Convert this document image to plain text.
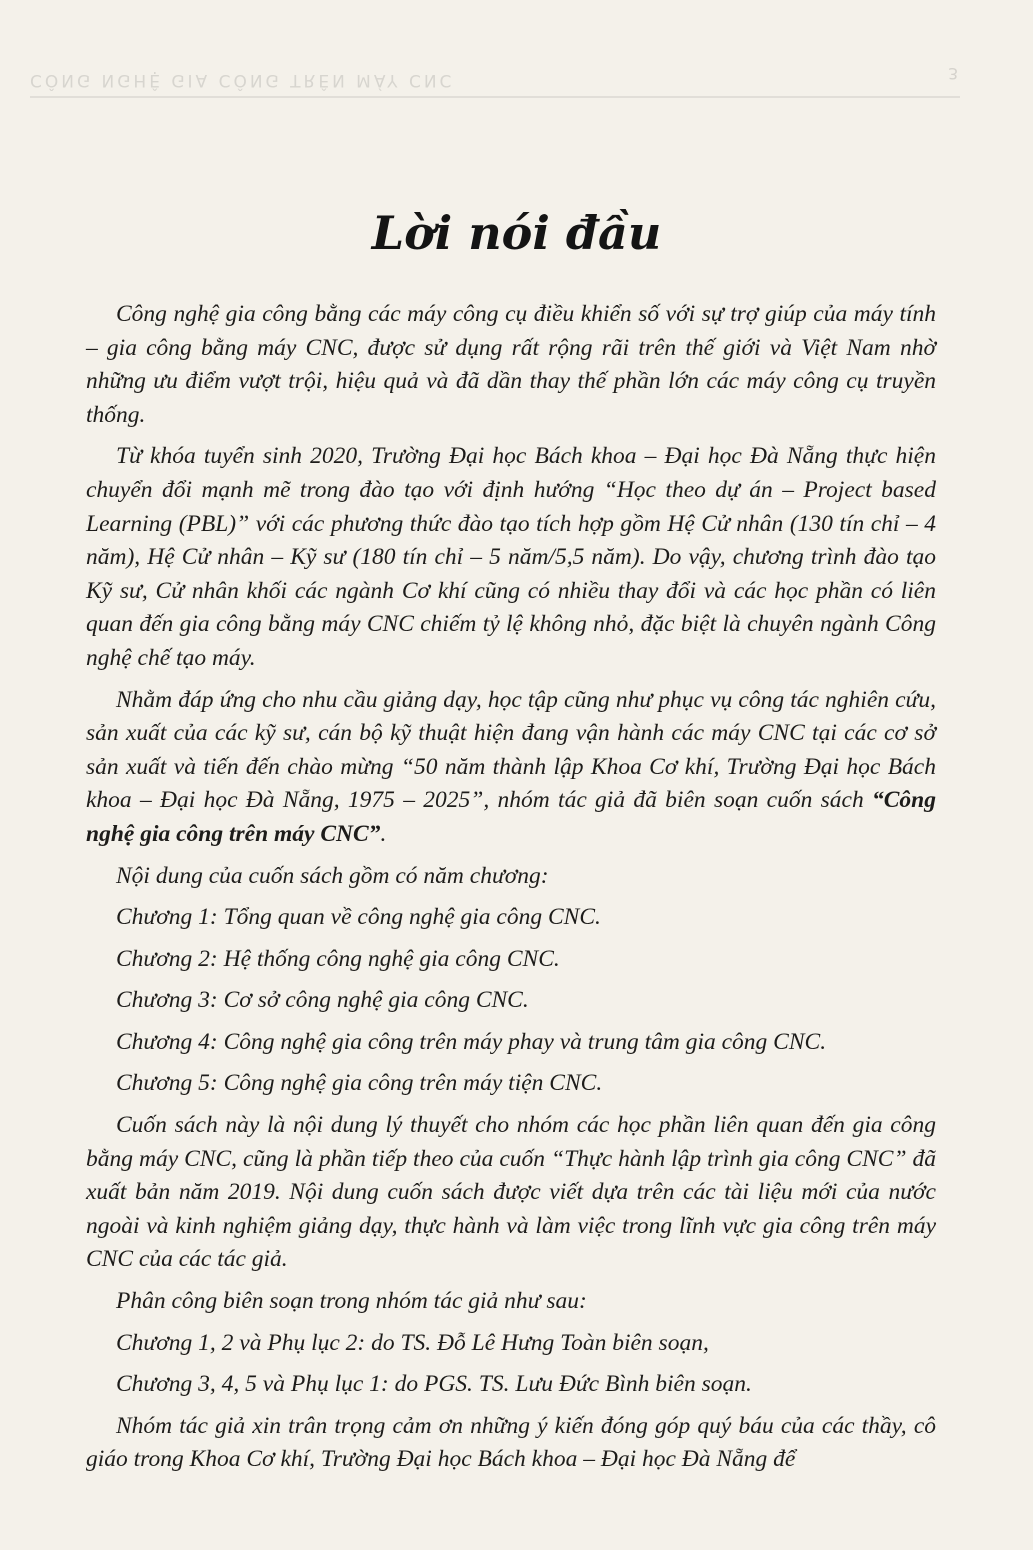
CÔNG NGHỆ GIA CÔNG TRÊN MÁY CNC	3
Lời nói đầu

Công nghệ gia công bằng các máy công cụ điều khiển số với sự trợ giúp của máy tính – gia công bằng máy CNC, được sử dụng rất rộng rãi trên thế giới và Việt Nam nhờ những ưu điểm vượt trội, hiệu quả và đã dần thay thế phần lớn các máy công cụ truyền thống.

Từ khóa tuyển sinh 2020, Trường Đại học Bách khoa – Đại học Đà Nẵng thực hiện chuyển đổi mạnh mẽ trong đào tạo với định hướng “Học theo dự án – Project based Learning (PBL)” với các phương thức đào tạo tích hợp gồm Hệ Cử nhân (130 tín chỉ – 4 năm), Hệ Cử nhân – Kỹ sư (180 tín chỉ – 5 năm/5,5 năm). Do vậy, chương trình đào tạo Kỹ sư, Cử nhân khối các ngành Cơ khí cũng có nhiều thay đổi và các học phần có liên quan đến gia công bằng máy CNC chiếm tỷ lệ không nhỏ, đặc biệt là chuyên ngành Công nghệ chế tạo máy.

Nhằm đáp ứng cho nhu cầu giảng dạy, học tập cũng như phục vụ công tác nghiên cứu, sản xuất của các kỹ sư, cán bộ kỹ thuật hiện đang vận hành các máy CNC tại các cơ sở sản xuất và tiến đến chào mừng “50 năm thành lập Khoa Cơ khí, Trường Đại học Bách khoa – Đại học Đà Nẵng, 1975 – 2025”, nhóm tác giả đã biên soạn cuốn sách “Công nghệ gia công trên máy CNC”.

Nội dung của cuốn sách gồm có năm chương:

Chương 1: Tổng quan về công nghệ gia công CNC.

Chương 2: Hệ thống công nghệ gia công CNC.

Chương 3: Cơ sở công nghệ gia công CNC.

Chương 4: Công nghệ gia công trên máy phay và trung tâm gia công CNC.

Chương 5: Công nghệ gia công trên máy tiện CNC.

Cuốn sách này là nội dung lý thuyết cho nhóm các học phần liên quan đến gia công bằng máy CNC, cũng là phần tiếp theo của cuốn “Thực hành lập trình gia công CNC” đã xuất bản năm 2019. Nội dung cuốn sách được viết dựa trên các tài liệu mới của nước ngoài và kinh nghiệm giảng dạy, thực hành và làm việc trong lĩnh vực gia công trên máy CNC của các tác giả.

Phân công biên soạn trong nhóm tác giả như sau:

Chương 1, 2 và Phụ lục 2: do TS. Đỗ Lê Hưng Toàn biên soạn,

Chương 3, 4, 5 và Phụ lục 1: do PGS. TS. Lưu Đức Bình biên soạn.

Nhóm tác giả xin trân trọng cảm ơn những ý kiến đóng góp quý báu của các thầy, cô giáo trong Khoa Cơ khí, Trường Đại học Bách khoa – Đại học Đà Nẵng để
